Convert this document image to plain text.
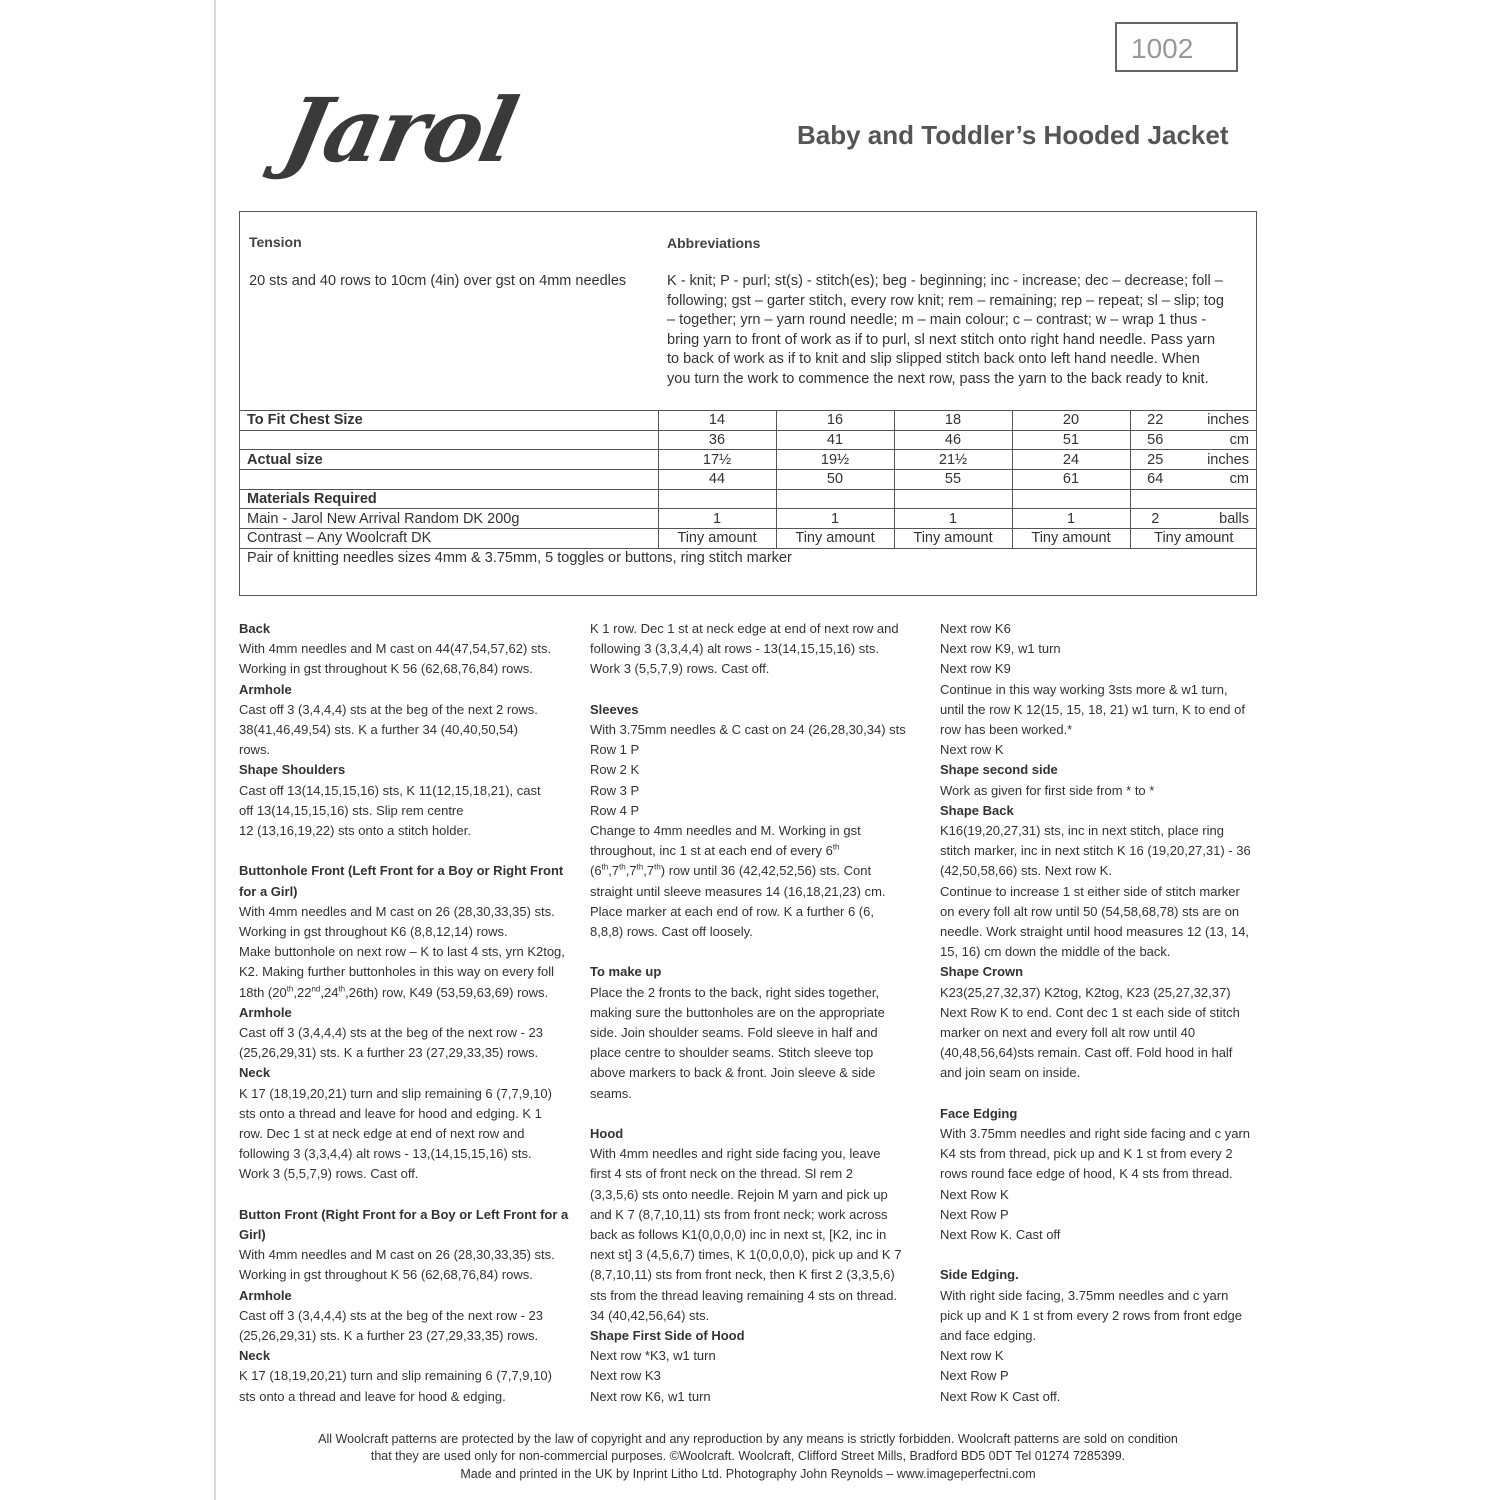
1002
Jarol	Baby and Toddler’s Hooded Jacket
Tension
20 sts and 40 rows to 10cm (4in) over gst on 4mm needles
Abbreviations
K - knit; P - purl; st(s) - stitch(es); beg - beginning; inc - increase; dec – decrease; foll –
following; gst – garter stitch, every row knit; rem – remaining; rep – repeat; sl – slip; tog
– together; yrn – yarn round needle; m – main colour; c – contrast; w – wrap 1 thus -
bring yarn to front of work as if to purl, sl next stitch onto right hand needle. Pass yarn
to back of work as if to knit and slip slipped stitch back onto left hand needle. When
you turn the work to commence the next row, pass the yarn to the back ready to knit.
To Fit Chest Size	14	16	18	20	22	inches
	36	41	46	51	56	cm
Actual size	17½	19½	21½	24	25	inches
	44	50	55	61	64	cm
Materials Required						
Main - Jarol New Arrival Random DK 200g	1	1	1	1	2	balls
Contrast – Any Woolcraft DK	Tiny amount	Tiny amount	Tiny amount	Tiny amount	Tiny amount	
Pair of knitting needles sizes 4mm & 3.75mm, 5 toggles or buttons, ring stitch marker						

Back

With 4mm needles and M cast on 44(47,54,57,62) sts.

Working in gst throughout K 56 (62,68,76,84) rows.

Armhole

Cast off 3 (3,4,4,4) sts at the beg of the next 2 rows.

38(41,46,49,54) sts. K a further 34 (40,40,50,54)

rows.

Shape Shoulders

Cast off 13(14,15,15,16) sts, K 11(12,15,18,21), cast

off 13(14,15,15,16) sts. Slip rem centre

12 (13,16,19,22) sts onto a stitch holder.

Buttonhole Front (Left Front for a Boy or Right Front

for a Girl)

With 4mm needles and M cast on 26 (28,30,33,35) sts.

Working in gst throughout K6 (8,8,12,14) rows.

Make buttonhole on next row – K to last 4 sts, yrn K2tog,

K2. Making further buttonholes in this way on every foll

18th (20th,22nd,24th,26th) row, K49 (53,59,63,69) rows.

Armhole

Cast off 3 (3,4,4,4) sts at the beg of the next row - 23

(25,26,29,31) sts. K a further 23 (27,29,33,35) rows.

Neck

K 17 (18,19,20,21) turn and slip remaining 6 (7,7,9,10)

sts onto a thread and leave for hood and edging. K 1

row. Dec 1 st at neck edge at end of next row and

following 3 (3,3,4,4) alt rows - 13,(14,15,15,16) sts.

Work 3 (5,5,7,9) rows. Cast off.

Button Front (Right Front for a Boy or Left Front for a

Girl)

With 4mm needles and M cast on 26 (28,30,33,35) sts.

Working in gst throughout K 56 (62,68,76,84) rows.

Armhole

Cast off 3 (3,4,4,4) sts at the beg of the next row - 23

(25,26,29,31) sts. K a further 23 (27,29,33,35) rows.

Neck

K 17 (18,19,20,21) turn and slip remaining 6 (7,7,9,10)

sts onto a thread and leave for hood & edging.

K 1 row. Dec 1 st at neck edge at end of next row and

following 3 (3,3,4,4) alt rows - 13(14,15,15,16) sts.

Work 3 (5,5,7,9) rows. Cast off.

Sleeves

With 3.75mm needles & C cast on 24 (26,28,30,34) sts

Row 1 P

Row 2 K

Row 3 P

Row 4 P

Change to 4mm needles and M. Working in gst

throughout, inc 1 st at each end of every 6th

(6th,7th,7th,7th) row until 36 (42,42,52,56) sts. Cont

straight until sleeve measures 14 (16,18,21,23) cm.

Place marker at each end of row. K a further 6 (6,

8,8,8) rows. Cast off loosely.

To make up

Place the 2 fronts to the back, right sides together,

making sure the buttonholes are on the appropriate

side. Join shoulder seams. Fold sleeve in half and

place centre to shoulder seams. Stitch sleeve top

above markers to back & front. Join sleeve & side

seams.

Hood

With 4mm needles and right side facing you, leave

first 4 sts of front neck on the thread. Sl rem 2

(3,3,5,6) sts onto needle. Rejoin M yarn and pick up

and K 7 (8,7,10,11) sts from front neck; work across

back as follows K1(0,0,0,0) inc in next st, [K2, inc in

next st] 3 (4,5,6,7) times, K 1(0,0,0,0), pick up and K 7

(8,7,10,11) sts from front neck, then K first 2 (3,3,5,6)

sts from the thread leaving remaining 4 sts on thread.

34 (40,42,56,64) sts.

Shape First Side of Hood

Next row *K3, w1 turn

Next row K3

Next row K6, w1 turn

Next row K6

Next row K9, w1 turn

Next row K9

Continue in this way working 3sts more & w1 turn,

until the row K 12(15, 15, 18, 21) w1 turn, K to end of

row has been worked.*

Next row K

Shape second side

Work as given for first side from * to *

Shape Back

K16(19,20,27,31) sts, inc in next stitch, place ring

stitch marker, inc in next stitch K 16 (19,20,27,31) - 36

(42,50,58,66) sts. Next row K.

Continue to increase 1 st either side of stitch marker

on every foll alt row until 50 (54,58,68,78) sts are on

needle. Work straight until hood measures 12 (13, 14,

15, 16) cm down the middle of the back.

Shape Crown

K23(25,27,32,37) K2tog, K2tog, K23 (25,27,32,37)

Next Row K to end. Cont dec 1 st each side of stitch

marker on next and every foll alt row until 40

(40,48,56,64)sts remain. Cast off. Fold hood in half

and join seam on inside.

Face Edging

With 3.75mm needles and right side facing and c yarn

K4 sts from thread, pick up and K 1 st from every 2

rows round face edge of hood, K 4 sts from thread.

Next Row K

Next Row P

Next Row K. Cast off

Side Edging.

With right side facing, 3.75mm needles and c yarn

pick up and K 1 st from every 2 rows from front edge

and face edging.

Next row K

Next Row P

Next Row K Cast off.

All Woolcraft patterns are protected by the law of copyright and any reproduction by any means is strictly forbidden. Woolcraft patterns are sold on condition
that they are used only for non-commercial purposes. ©Woolcraft. Woolcraft, Clifford Street Mills, Bradford BD5 0DT Tel 01274 7285399.
Made and printed in the UK by Inprint Litho Ltd. Photography John Reynolds – www.imageperfectni.com
